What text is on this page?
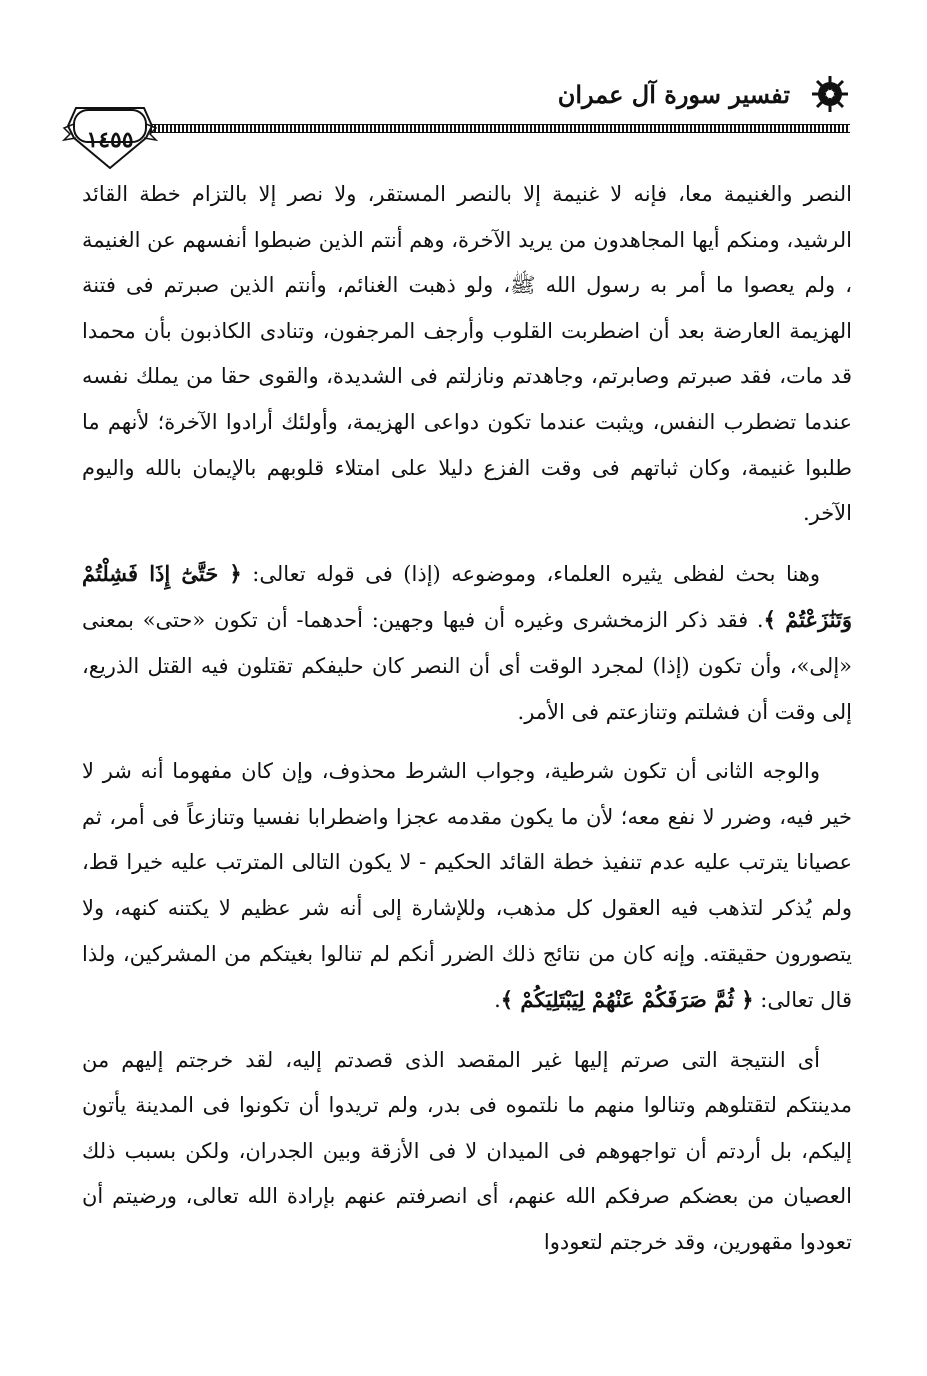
تفسير سورة آل عمران
١٤٥٥

النصر والغنيمة معا، فإنه لا غنيمة إلا بالنصر المستقر، ولا نصر إلا بالتزام خطة القائد الرشيد، ومنكم أيها المجاهدون من يريد الآخرة، وهم أنتم الذين ضبطوا أنفسهم عن الغنيمة ، ولم يعصوا ما أمر به رسول الله ﷺ، ولو ذهبت الغنائم، وأنتم الذين صبرتم فى فتنة الهزيمة العارضة بعد أن اضطربت القلوب وأرجف المرجفون، وتنادى الكاذبون بأن محمدا قد مات، فقد صبرتم وصابرتم، وجاهدتم ونازلتم فى الشديدة، والقوى حقا من يملك نفسه عندما تضطرب النفس، ويثبت عندما تكون دواعى الهزيمة، وأولئك أرادوا الآخرة؛ لأنهم ما طلبوا غنيمة، وكان ثباتهم فى وقت الفزع دليلا على امتلاء قلوبهم بالإيمان بالله واليوم الآخر.

وهنا بحث لفظى يثيره العلماء، وموضوعه (إذا) فى قوله تعالى: ﴿ حَتَّىٰٓ إِذَا فَشِلْتُمْ وَتَنَٰزَعْتُمْ ﴾. فقد ذكر الزمخشرى وغيره أن فيها وجهين: أحدهما- أن تكون «حتى» بمعنى «إلى»، وأن تكون (إذا) لمجرد الوقت أى أن النصر كان حليفكم تقتلون فيه القتل الذريع، إلى وقت أن فشلتم وتنازعتم فى الأمر.

والوجه الثانى أن تكون شرطية، وجواب الشرط محذوف، وإن كان مفهوما أنه شر لا خير فيه، وضرر لا نفع معه؛ لأن ما يكون مقدمه عجزا واضطرابا نفسيا وتنازعاً فى أمر، ثم عصيانا يترتب عليه عدم تنفيذ خطة القائد الحكيم - لا يكون التالى المترتب عليه خيرا قط، ولم يُذكر لتذهب فيه العقول كل مذهب، وللإشارة إلى أنه شر عظيم لا يكتنه كنهه، ولا يتصورون حقيقته. وإنه كان من نتائج ذلك الضرر أنكم لم تنالوا بغيتكم من المشركين، ولذا قال تعالى: ﴿ ثُمَّ صَرَفَكُمْ عَنْهُمْ لِيَبْتَلِيَكُمْ ﴾.

أى النتيجة التى صرتم إليها غير المقصد الذى قصدتم إليه، لقد خرجتم إليهم من مدينتكم لتقتلوهم وتنالوا منهم ما نلتموه فى بدر، ولم تريدوا أن تكونوا فى المدينة يأتون إليكم، بل أردتم أن تواجهوهم فى الميدان لا فى الأزقة وبين الجدران، ولكن بسبب ذلك العصيان من بعضكم صرفكم الله عنهم، أى انصرفتم عنهم بإرادة الله تعالى، ورضيتم أن تعودوا مقهورين، وقد خرجتم لتعودوا
